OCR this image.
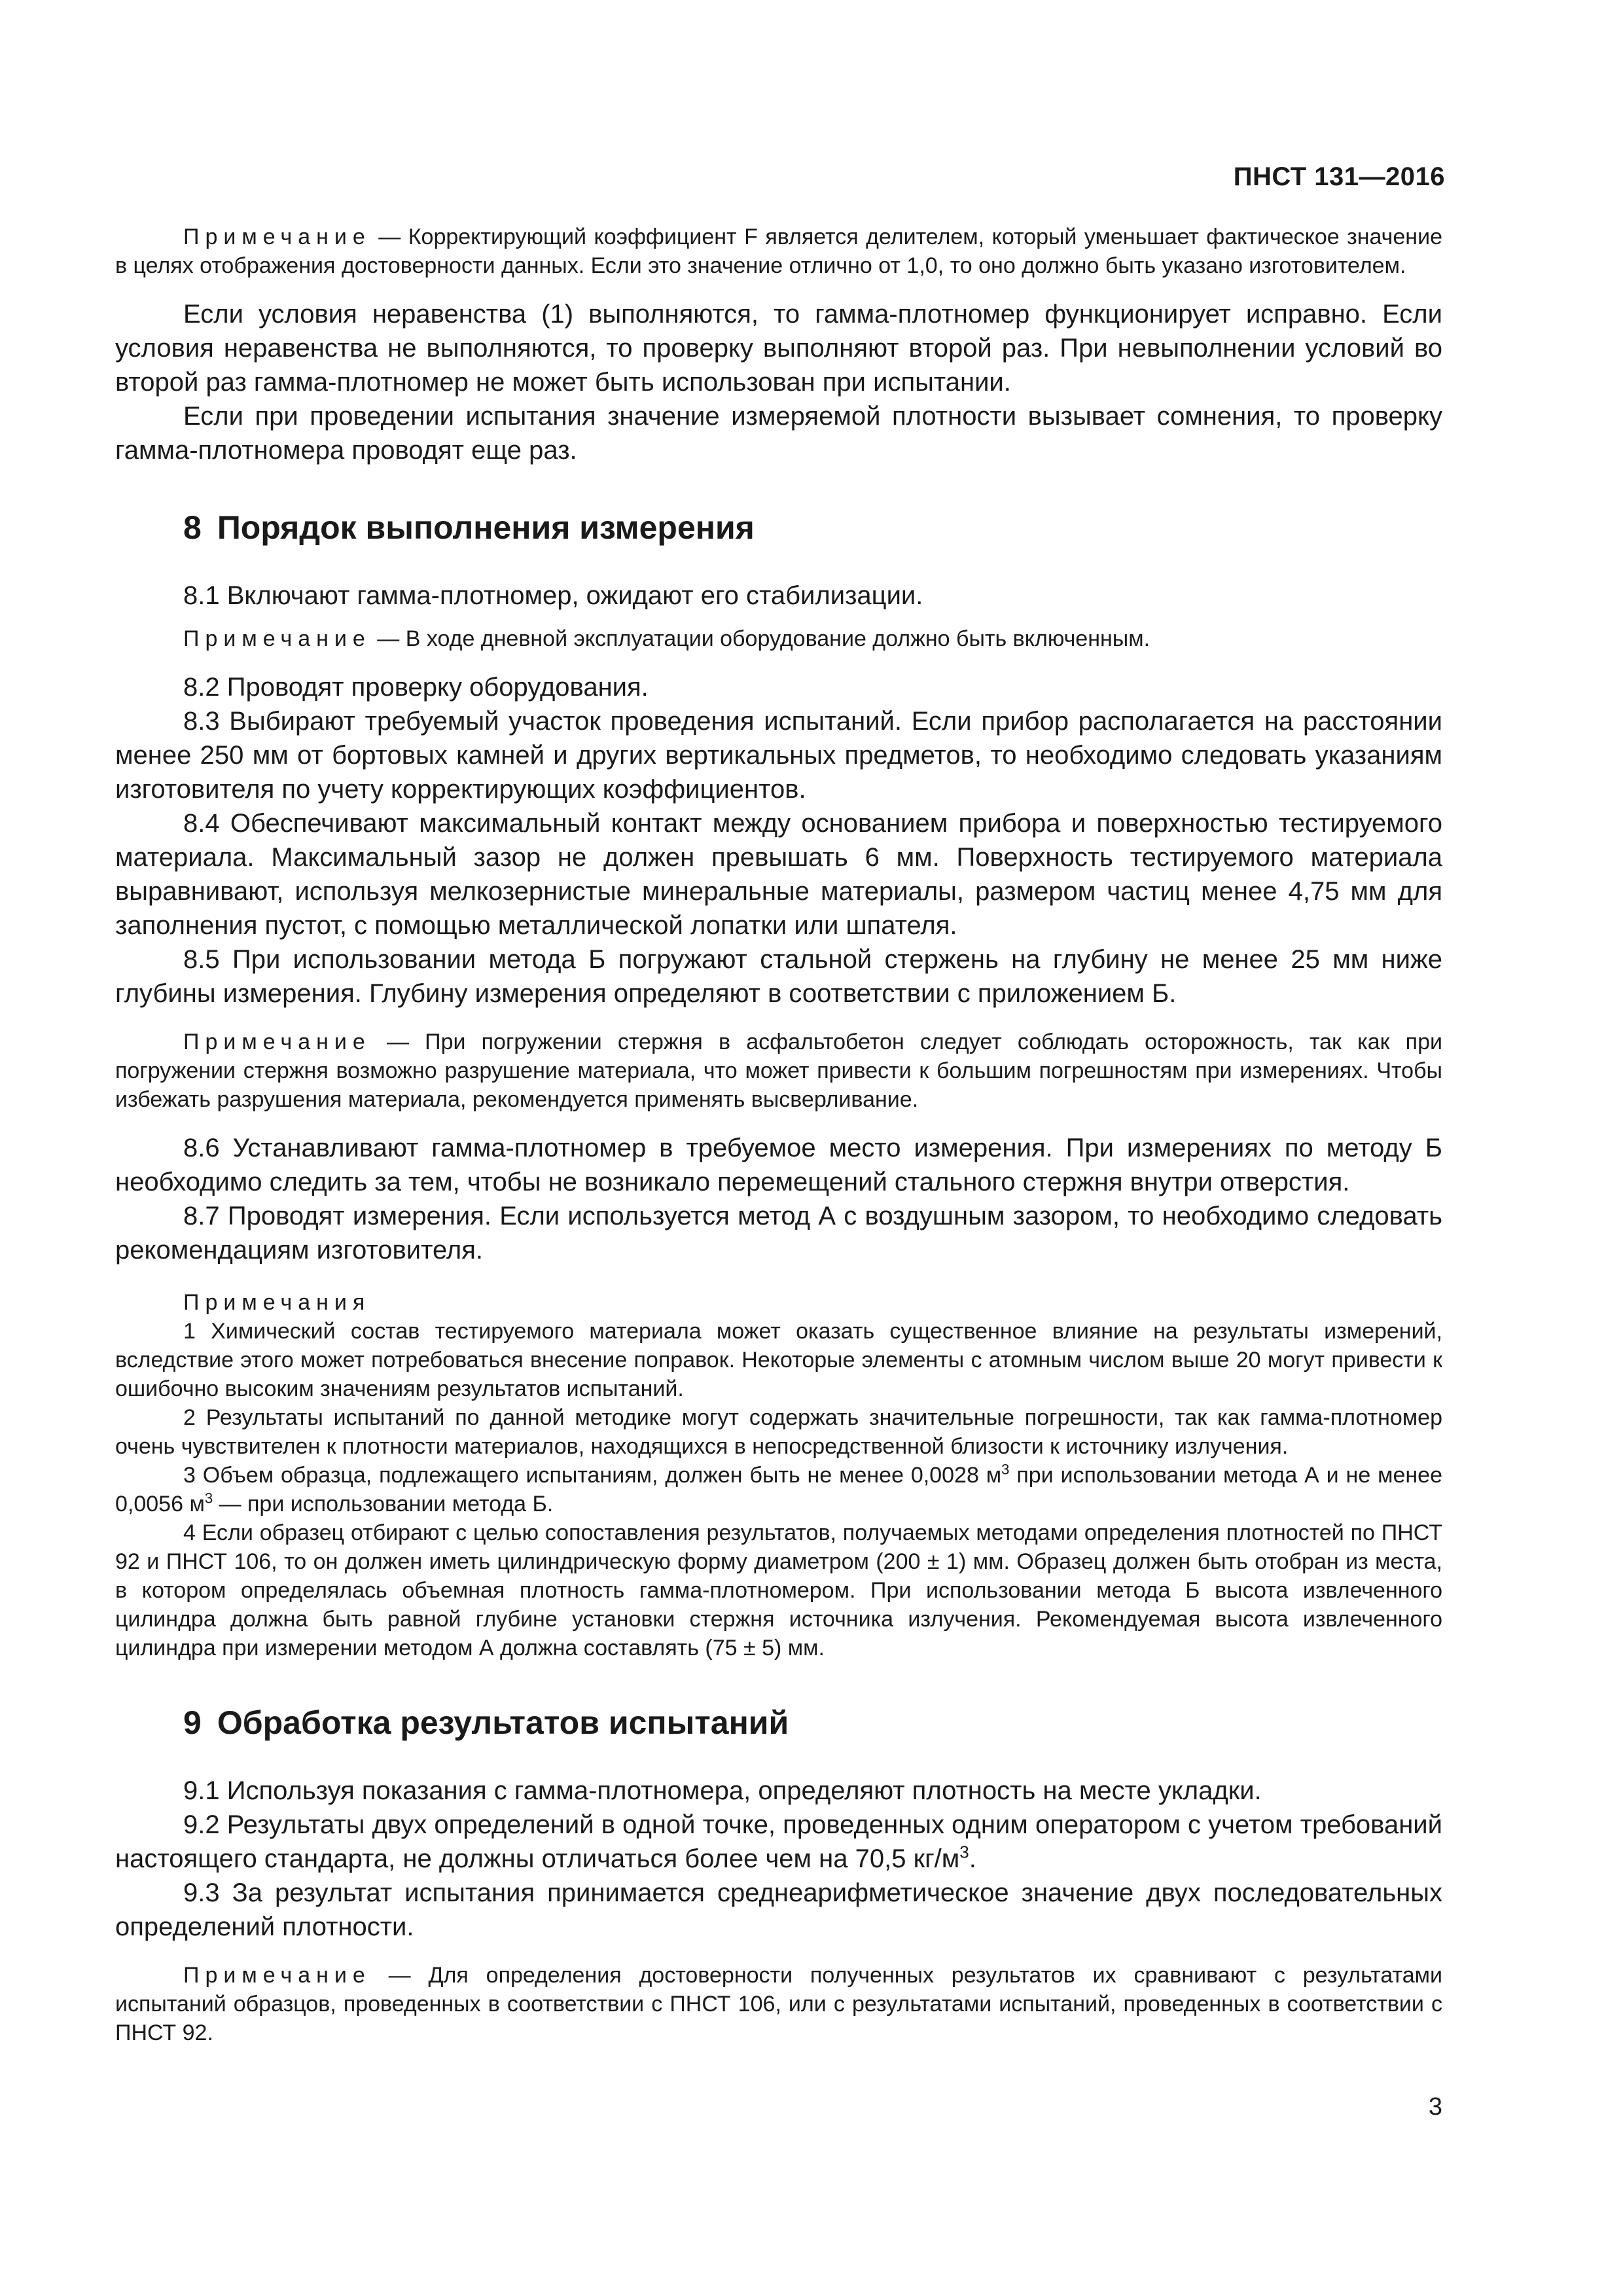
ПНСТ 131—2016

Примечание — Корректирующий коэффициент F является делителем, который уменьшает фактическое значение в целях отображения достоверности данных. Если это значение отлично от 1,0, то оно должно быть указано изготовителем.

Если условия неравенства (1) выполняются, то гамма-плотномер функционирует исправно. Если условия неравенства не выполняются, то проверку выполняют второй раз. При невыполнении условий во второй раз гамма-плотномер не может быть использован при испытании.

Если при проведении испытания значение измеряемой плотности вызывает сомнения, то проверку гамма-плотномера проводят еще раз.

8 Порядок выполнения измерения

8.1 Включают гамма-плотномер, ожидают его стабилизации.

Примечание — В ходе дневной эксплуатации оборудование должно быть включенным.

8.2 Проводят проверку оборудования.

8.3 Выбирают требуемый участок проведения испытаний. Если прибор располагается на расстоянии менее 250 мм от бортовых камней и других вертикальных предметов, то необходимо следовать указаниям изготовителя по учету корректирующих коэффициентов.

8.4 Обеспечивают максимальный контакт между основанием прибора и поверхностью тестируемого материала. Максимальный зазор не должен превышать 6 мм. Поверхность тестируемого материала выравнивают, используя мелкозернистые минеральные материалы, размером частиц менее 4,75 мм для заполнения пустот, с помощью металлической лопатки или шпателя.

8.5 При использовании метода Б погружают стальной стержень на глубину не менее 25 мм ниже глубины измерения. Глубину измерения определяют в соответствии с приложением Б.

Примечание — При погружении стержня в асфальтобетон следует соблюдать осторожность, так как при погружении стержня возможно разрушение материала, что может привести к большим погрешностям при измерениях. Чтобы избежать разрушения материала, рекомендуется применять высверливание.

8.6 Устанавливают гамма-плотномер в требуемое место измерения. При измерениях по методу Б необходимо следить за тем, чтобы не возникало перемещений стального стержня внутри отверстия.

8.7 Проводят измерения. Если используется метод А с воздушным зазором, то необходимо следовать рекомендациям изготовителя.

Примечания

1 Химический состав тестируемого материала может оказать существенное влияние на результаты измерений, вследствие этого может потребоваться внесение поправок. Некоторые элементы с атомным числом выше 20 могут привести к ошибочно высоким значениям результатов испытаний.

2 Результаты испытаний по данной методике могут содержать значительные погрешности, так как гамма-плотномер очень чувствителен к плотности материалов, находящихся в непосредственной близости к источнику излучения.

3 Объем образца, подлежащего испытаниям, должен быть не менее 0,0028 $м^3$ при использовании метода А и не менее 0,0056 $м^3$ — при использовании метода Б.

4 Если образец отбирают с целью сопоставления результатов, получаемых методами определения плотностей по ПНСТ 92 и ПНСТ 106, то он должен иметь цилиндрическую форму диаметром (200 ± 1) мм. Образец должен быть отобран из места, в котором определялась объемная плотность гамма-плотномером. При использовании метода Б высота извлеченного цилиндра должна быть равной глубине установки стержня источника излучения. Рекомендуемая высота извлеченного цилиндра при измерении методом А должна составлять (75 ± 5) мм.

9 Обработка результатов испытаний

9.1 Используя показания с гамма-плотномера, определяют плотность на месте укладки.

9.2 Результаты двух определений в одной точке, проведенных одним оператором с учетом требований настоящего стандарта, не должны отличаться более чем на 70,5 $кг/м^3$.

9.3 За результат испытания принимается среднеарифметическое значение двух последовательных определений плотности.

Примечание — Для определения достоверности полученных результатов их сравнивают с результатами испытаний образцов, проведенных в соответствии с ПНСТ 106, или с результатами испытаний, проведенных в соответствии с ПНСТ 92.

3
